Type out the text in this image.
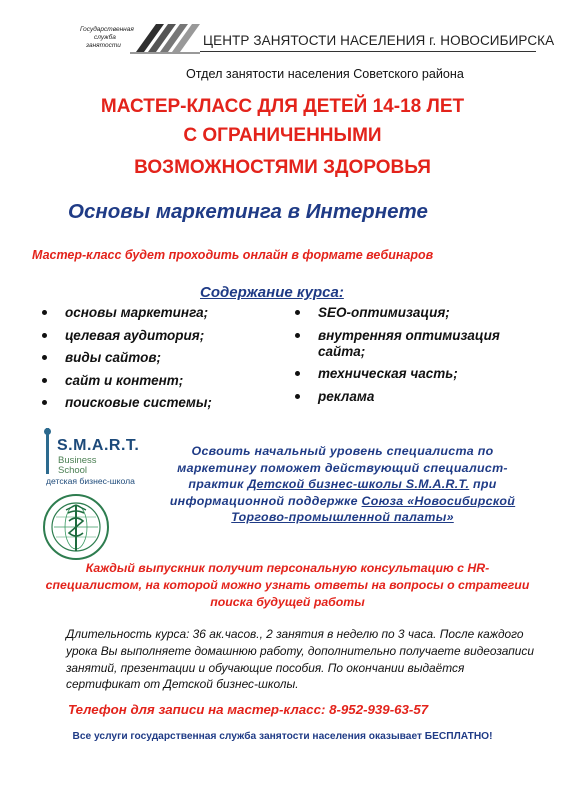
Государственная
служба
занятости	ЦЕНТР ЗАНЯТОСТИ НАСЕЛЕНИЯ г. НОВОСИБИРСКА
Отдел занятости населения Советского района
МАСТЕР-КЛАСС ДЛЯ ДЕТЕЙ 14-18 ЛЕТ
С ОГРАНИЧЕННЫМИ
ВОЗМОЖНОСТЯМИ ЗДОРОВЬЯ
Основы маркетинга в Интернете
Мастер-класс будет проходить онлайн в формате вебинаров
Содержание курса:
основы маркетинга;
целевая аудитория;
виды сайтов;
сайт и контент;
поисковые системы;
SEO-оптимизация;
внутренняя оптимизация сайта;
техническая часть;
реклама
S.M.A.R.T.
Business
School
детская бизнес-школа
Освоить начальный уровень специалиста по маркетингу поможет действующий специалист-практик Детской бизнес-школы S.M.A.R.T. при информационной поддержке Союза «Новосибирской Торгово-промышленной палаты»
Каждый выпускник получит персональную консультацию с HR-специалистом, на которой можно узнать ответы на вопросы о стратегии поиска будущей работы
Длительность курса: 36 ак.часов., 2 занятия в неделю по 3 часа. После каждого урока Вы выполняете домашнюю работу, дополнительно получаете видеозаписи занятий, презентации и обучающие пособия. По окончании выдаётся сертификат от Детской бизнес-школы.
Телефон для записи на мастер-класс: 8-952-939-63-57
Все услуги государственная служба занятости населения оказывает БЕСПЛАТНО!
